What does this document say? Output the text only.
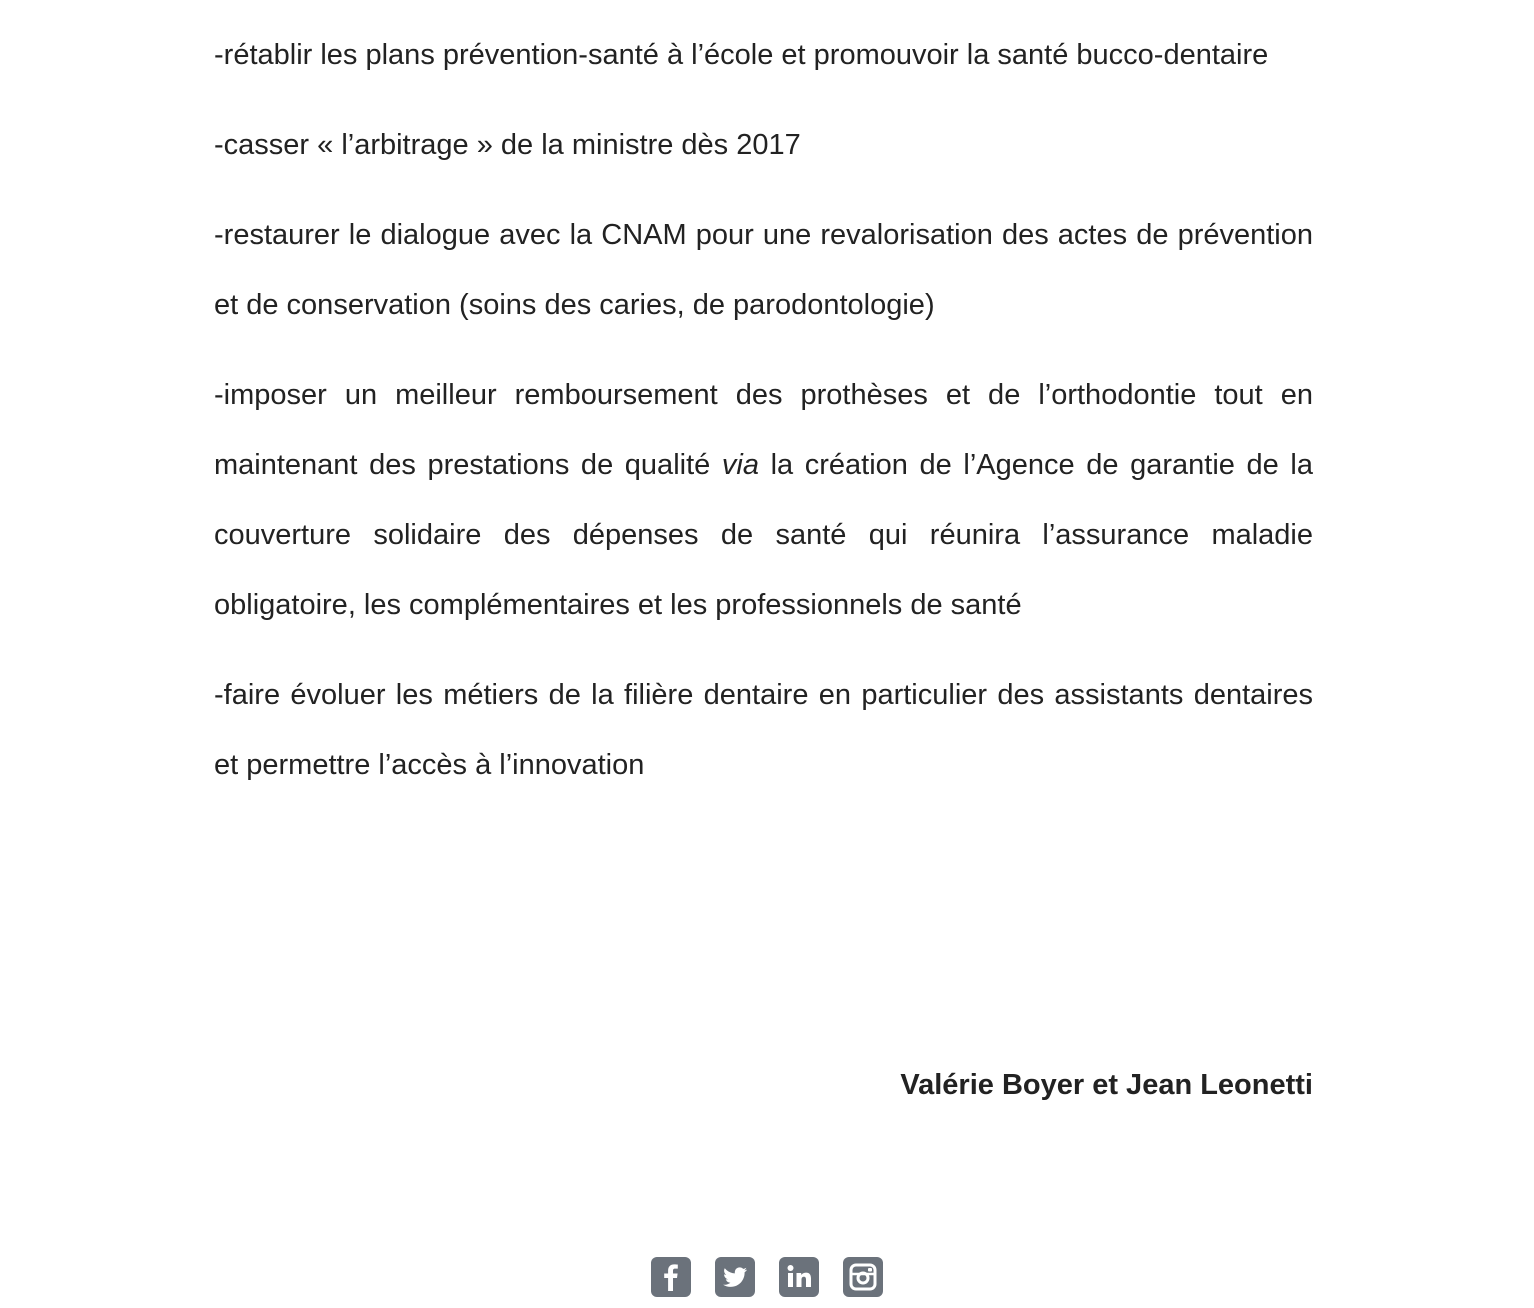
-rétablir les plans prévention-santé à l’école et promouvoir la santé bucco-dentaire

-casser « l’arbitrage » de la ministre dès 2017

-restaurer le dialogue avec la CNAM pour une revalorisation des actes de prévention et de conservation (soins des caries, de parodontologie)

-imposer un meilleur remboursement des prothèses et de l’orthodontie tout en maintenant des prestations de qualité via la création de l’Agence de garantie de la couverture solidaire des dépenses de santé qui réunira l’assurance maladie obligatoire, les complémentaires et les professionnels de santé

-faire évoluer les métiers de la filière dentaire en particulier des assistants dentaires et permettre l’accès à l’innovation

Valérie Boyer et Jean Leonetti
